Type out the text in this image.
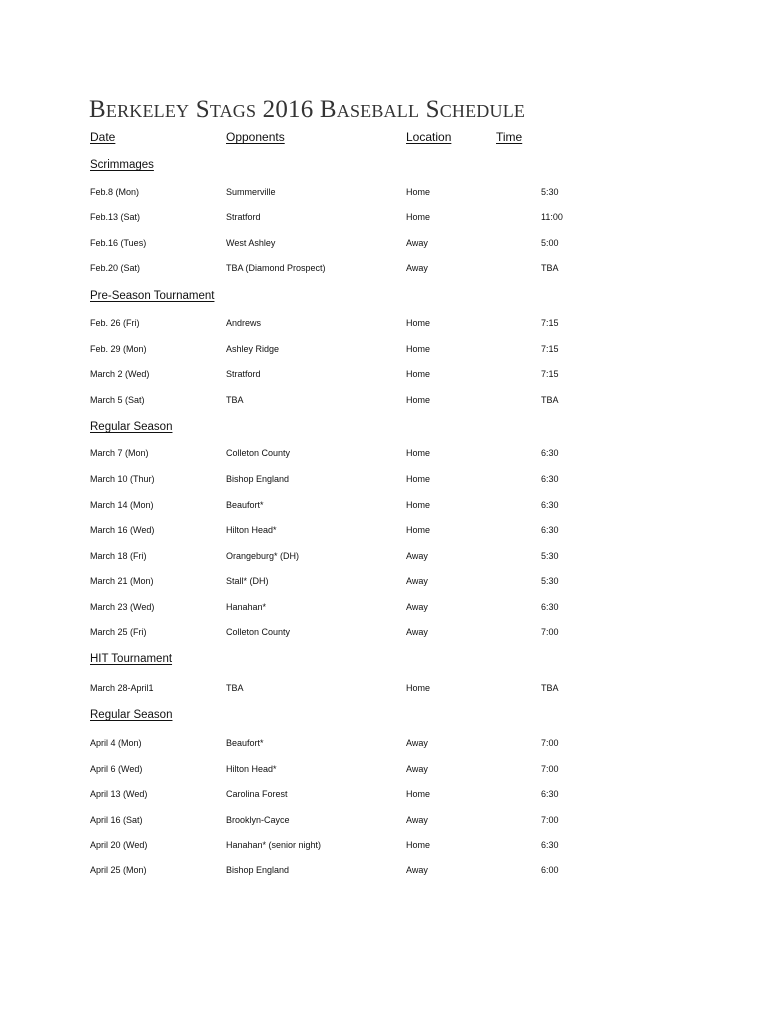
Berkeley Stags 2016 Baseball Schedule
Date	Opponents	Location	Time
Scrimmages
Feb.8 (Mon)	Summerville	Home	5:30
Feb.13 (Sat)	Stratford	Home	11:00
Feb.16 (Tues)	West Ashley	Away	5:00
Feb.20 (Sat)	TBA (Diamond Prospect)	Away	TBA
Pre-Season Tournament
Feb. 26 (Fri)	Andrews	Home	7:15
Feb. 29 (Mon)	Ashley Ridge	Home	7:15
March 2 (Wed)	Stratford	Home	7:15
March 5 (Sat)	TBA	Home	TBA
Regular Season
March 7 (Mon)	Colleton County	Home	6:30
March 10 (Thur)	Bishop England	Home	6:30
March 14 (Mon)	Beaufort*	Home	6:30
March 16 (Wed)	Hilton Head*	Home	6:30
March 18 (Fri)	Orangeburg* (DH)	Away	5:30
March 21 (Mon)	Stall* (DH)	Away	5:30
March 23 (Wed)	Hanahan*	Away	6:30
March 25 (Fri)	Colleton County	Away	7:00
HIT Tournament
March 28-April1	TBA	Home	TBA
Regular Season
April 4 (Mon)	Beaufort*	Away	7:00
April 6 (Wed)	Hilton Head*	Away	7:00
April 13 (Wed)	Carolina Forest	Home	6:30
April 16 (Sat)	Brooklyn-Cayce	Away	7:00
April 20 (Wed)	Hanahan* (senior night)	Home	6:30
April 25 (Mon)	Bishop England	Away	6:00
